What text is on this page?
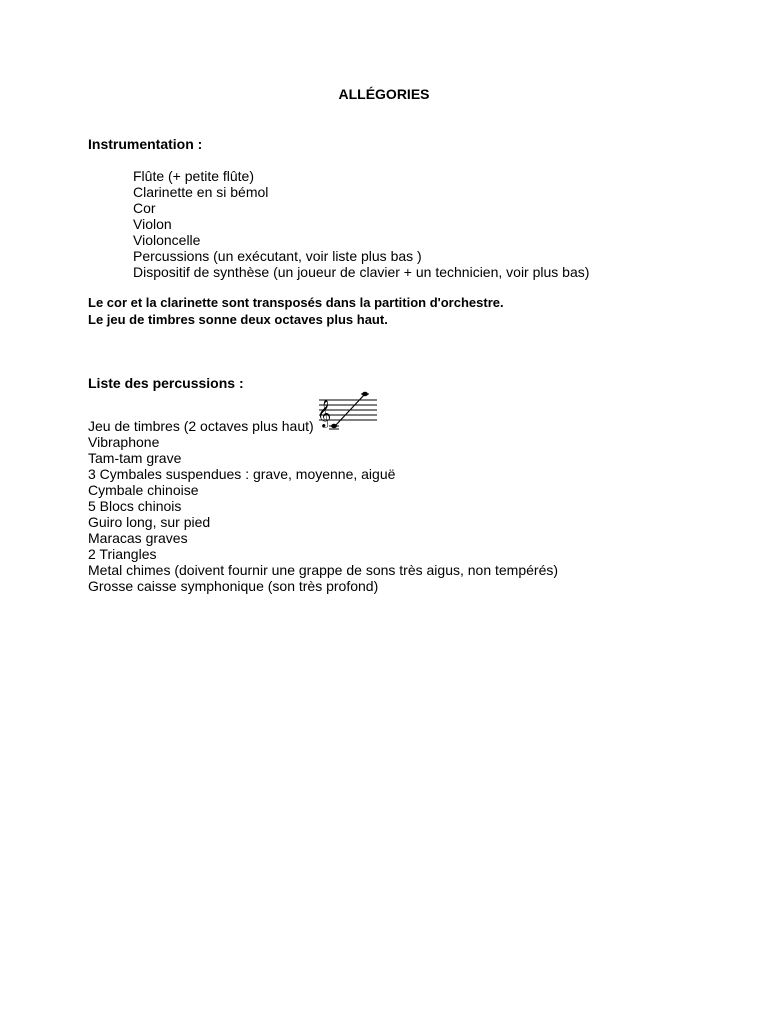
ALLÉGORIES
Instrumentation :
Flûte (+ petite flûte)
Clarinette en si bémol
Cor
Violon
Violoncelle
Percussions (un exécutant, voir liste plus bas )
Dispositif de synthèse (un joueur de clavier + un technicien, voir plus bas)
Le cor et la clarinette sont transposés dans la partition d'orchestre.
Le jeu de timbres sonne deux octaves plus haut.
Liste des percussions :
𝄞
Jeu de timbres (2 octaves plus haut)
Vibraphone
Tam-tam grave
3 Cymbales suspendues : grave, moyenne, aiguë
Cymbale chinoise
5 Blocs chinois
Guiro long, sur pied
Maracas graves
2 Triangles
Metal chimes (doivent fournir une grappe de sons très aigus, non tempérés)
Grosse caisse symphonique (son très profond)
